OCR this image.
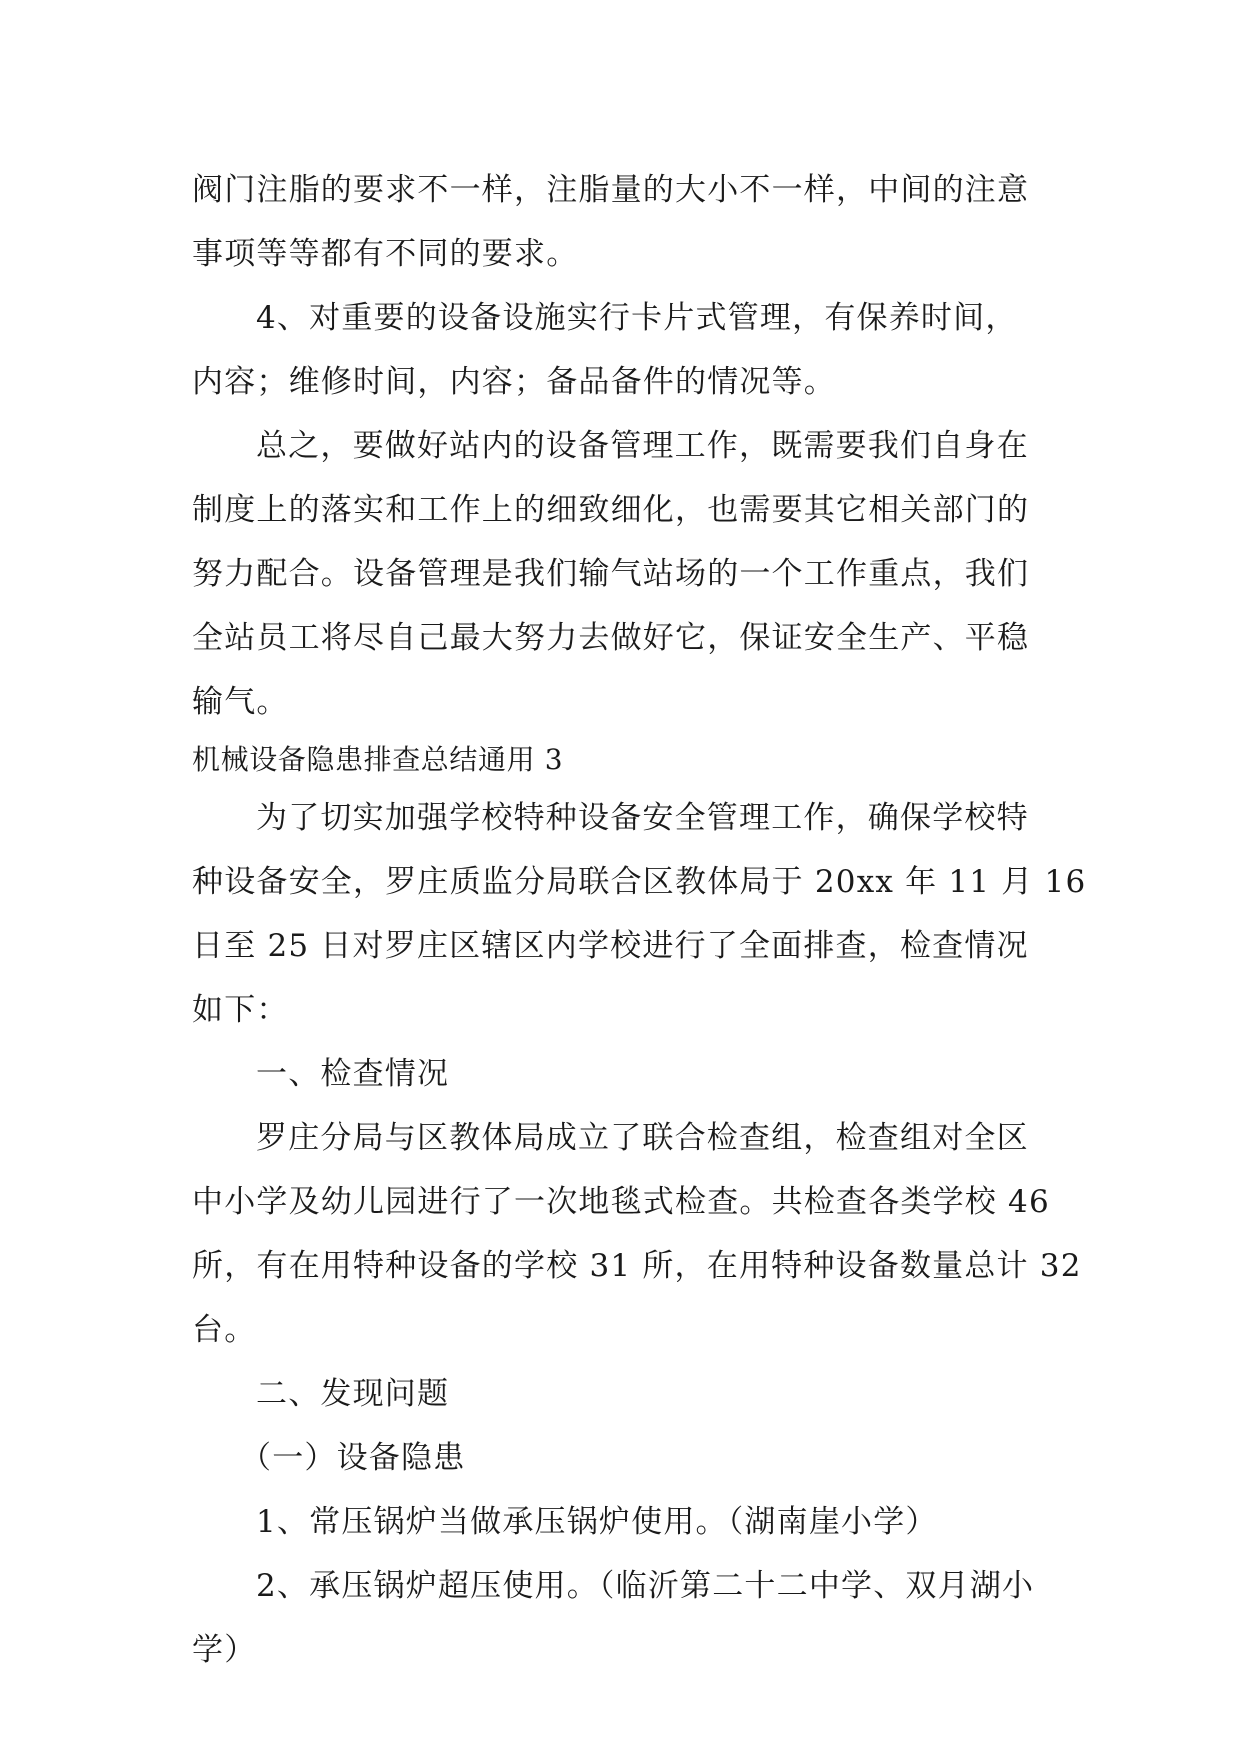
阀门注脂的要求不一样，注脂量的大小不一样，中间的注意
事项等等都有不同的要求。
4、对重要的设备设施实行卡片式管理，有保养时间，
内容；维修时间，内容；备品备件的情况等。
总之，要做好站内的设备管理工作，既需要我们自身在
制度上的落实和工作上的细致细化，也需要其它相关部门的
努力配合。设备管理是我们输气站场的一个工作重点，我们
全站员工将尽自己最大努力去做好它，保证安全生产、平稳
输气。
机械设备隐患排查总结通用 3
为了切实加强学校特种设备安全管理工作，确保学校特
种设备安全，罗庄质监分局联合区教体局于 20xx 年 11 月 16
日至 25 日对罗庄区辖区内学校进行了全面排查，检查情况
如下：
一、检查情况
罗庄分局与区教体局成立了联合检查组，检查组对全区
中小学及幼儿园进行了一次地毯式检查。共检查各类学校 46
所，有在用特种设备的学校 31 所，在用特种设备数量总计 32
台。
二、发现问题
（一）设备隐患
1、常压锅炉当做承压锅炉使用。（湖南崖小学）
2、承压锅炉超压使用。（临沂第二十二中学、双月湖小
学）
